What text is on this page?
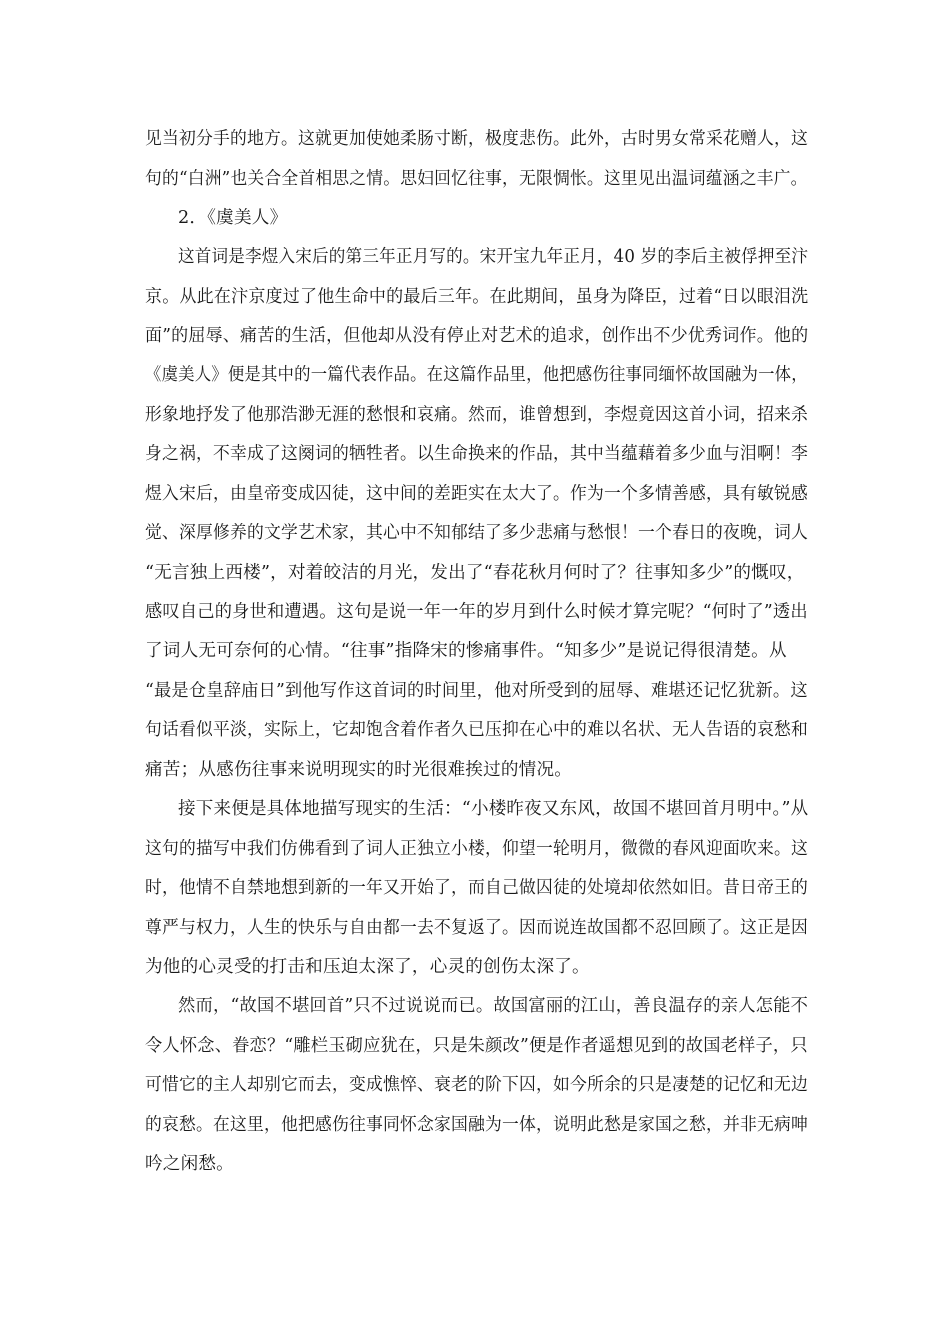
见当初分手的地方。这就更加使她柔肠寸断，极度悲伤。此外，古时男女常采花赠人，这
句的“白洲”也关合全首相思之情。思妇回忆往事，无限惆怅。这里见出温词蕴涵之丰广。
2．《虞美人》
这首词是李煜入宋后的第三年正月写的。宋开宝九年正月，40 岁的李后主被俘押至汴
京。从此在汴京度过了他生命中的最后三年。在此期间，虽身为降臣，过着“日以眼泪洗
面”的屈辱、痛苦的生活，但他却从没有停止对艺术的追求，创作出不少优秀词作。他的
《虞美人》便是其中的一篇代表作品。在这篇作品里，他把感伤往事同缅怀故国融为一体，
形象地抒发了他那浩渺无涯的愁恨和哀痛。然而，谁曾想到，李煜竟因这首小词，招来杀
身之祸，不幸成了这阕词的牺牲者。以生命换来的作品，其中当蕴藉着多少血与泪啊！李
煜入宋后，由皇帝变成囚徒，这中间的差距实在太大了。作为一个多情善感，具有敏锐感
觉、深厚修养的文学艺术家，其心中不知郁结了多少悲痛与愁恨！一个春日的夜晚，词人
“无言独上西楼”，对着皎洁的月光，发出了“春花秋月何时了？往事知多少”的慨叹，
感叹自己的身世和遭遇。这句是说一年一年的岁月到什么时候才算完呢？“何时了”透出
了词人无可奈何的心情。“往事”指降宋的惨痛事件。“知多少”是说记得很清楚。从
“最是仓皇辞庙日”到他写作这首词的时间里，他对所受到的屈辱、难堪还记忆犹新。这
句话看似平淡，实际上，它却饱含着作者久已压抑在心中的难以名状、无人告语的哀愁和
痛苦；从感伤往事来说明现实的时光很难挨过的情况。
接下来便是具体地描写现实的生活：“小楼昨夜又东风，故国不堪回首月明中。”从
这句的描写中我们仿佛看到了词人正独立小楼，仰望一轮明月，微微的春风迎面吹来。这
时，他情不自禁地想到新的一年又开始了，而自己做囚徒的处境却依然如旧。昔日帝王的
尊严与权力，人生的快乐与自由都一去不复返了。因而说连故国都不忍回顾了。这正是因
为他的心灵受的打击和压迫太深了，心灵的创伤太深了。
然而，“故国不堪回首”只不过说说而已。故国富丽的江山，善良温存的亲人怎能不
令人怀念、眷恋？“雕栏玉砌应犹在，只是朱颜改”便是作者遥想见到的故国老样子，只
可惜它的主人却别它而去，变成憔悴、衰老的阶下囚，如今所余的只是凄楚的记忆和无边
的哀愁。在这里，他把感伤往事同怀念家国融为一体，说明此愁是家国之愁，并非无病呻
吟之闲愁。
